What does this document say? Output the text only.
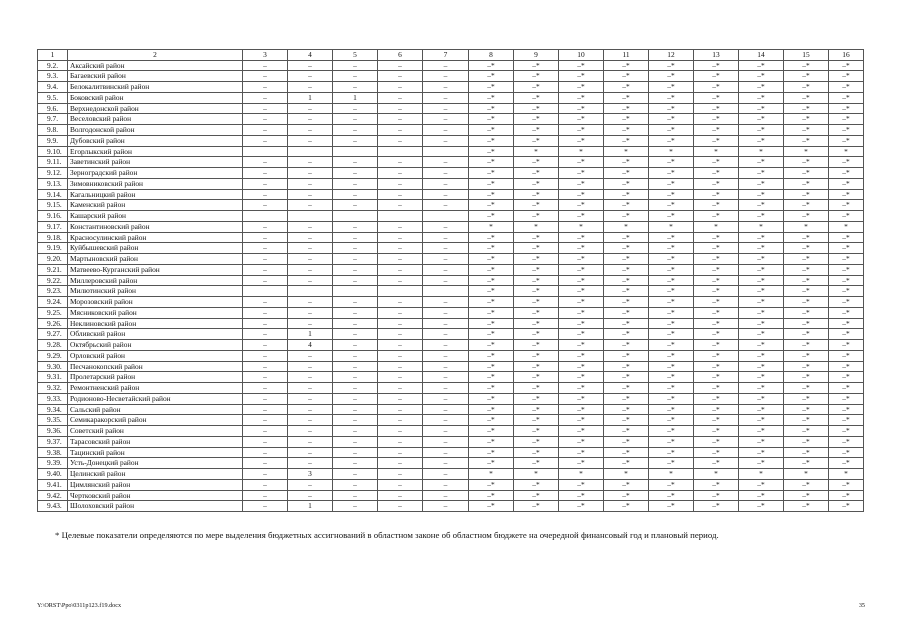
1	2	3	4	5	6	7	8	9	10	11	12	13	14	15	16
9.2.	Аксайский район	–	–	–	–	–	–*	–*	–*	–*	–*	–*	–*	–*	–*
9.3.	Багаевский район	–	–	–	–	–	–*	–*	–*	–*	–*	–*	–*	–*	–*
9.4.	Белокалитвинский район	–	–	–	–	–	–*	–*	–*	–*	–*	–*	–*	–*	–*
9.5.	Боковский район	–	1	1	–	–	–*	–*	–*	–*	–*	–*	–*	–*	–*
9.6.	Верхнедонской район	–	–	–	–	–	–*	–*	–*	–*	–*	–*	–*	–*	–*
9.7.	Веселовский район	–	–	–	–	–	–*	–*	–*	–*	–*	–*	–*	–*	–*
9.8.	Волгодонской район	–	–	–	–	–	–*	–*	–*	–*	–*	–*	–*	–*	–*
9.9.	Дубовский район	–	–	–	–	–	–*	–*	–*	–*	–*	–*	–*	–*	–*
9.10.	Егорлыкский район						–*	*	*	*	*	*	*	*	*
9.11.	Заветинский район	–	–	–	–	–	–*	–*	–*	–*	–*	–*	–*	–*	–*
9.12.	Зерноградский район	–	–	–	–	–	–*	–*	–*	–*	–*	–*	–*	–*	–*
9.13.	Зимовниковский район	–	–	–	–	–	–*	–*	–*	–*	–*	–*	–*	–*	–*
9.14.	Кагальницкий район	–	–	–	–	–	–*	–*	–*	–*	–*	–*	–*	–*	–*
9.15.	Каменский район	–	–	–	–	–	–*	–*	–*	–*	–*	–*	–*	–*	–*
9.16.	Кашарский район						–*	–*	–*	–*	–*	–*	–*	–*	–*
9.17.	Константиновский район	–	–	–	–	–	*	*	*	*	*	*	*	*	*
9.18.	Красносулинский район	–	–	–	–	–	–*	–*	–*	–*	–*	–*	–*	–*	–*
9.19.	Куйбышевский район	–	–	–	–	–	–*	–*	–*	–*	–*	–*	–*	–*	–*
9.20.	Мартыновский район	–	–	–	–	–	–*	–*	–*	–*	–*	–*	–*	–*	–*
9.21.	Матвеево-Курганский район	–	–	–	–	–	–*	–*	–*	–*	–*	–*	–*	–*	–*
9.22.	Миллеровский район	–	–	–	–	–	–*	–*	–*	–*	–*	–*	–*	–*	–*
9.23.	Милютинский район						–*	–*	–*	–*	–*	–*	–*	–*	–*
9.24.	Морозовский район	–	–	–	–	–	–*	–*	–*	–*	–*	–*	–*	–*	–*
9.25.	Мясниковский район	–	–	–	–	–	–*	–*	–*	–*	–*	–*	–*	–*	–*
9.26.	Неклиновский район	–	–	–	–	–	–*	–*	–*	–*	–*	–*	–*	–*	–*
9.27.	Обливский район	–	1	–	–	–	–*	–*	–*	–*	–*	–*	–*	–*	–*
9.28.	Октябрьский район	–	4	–	–	–	–*	–*	–*	–*	–*	–*	–*	–*	–*
9.29.	Орловский район	–	–	–	–	–	–*	–*	–*	–*	–*	–*	–*	–*	–*
9.30.	Песчанокопский район	–	–	–	–	–	–*	–*	–*	–*	–*	–*	–*	–*	–*
9.31.	Пролетарский район	–	–	–	–	–	–*	–*	–*	–*	–*	–*	–*	–*	–*
9.32.	Ремонтненский район	–	–	–	–	–	–*	–*	–*	–*	–*	–*	–*	–*	–*
9.33.	Родионово-Несветайский район	–	–	–	–	–	–*	–*	–*	–*	–*	–*	–*	–*	–*
9.34.	Сальский район	–	–	–	–	–	–*	–*	–*	–*	–*	–*	–*	–*	–*
9.35.	Семикаракорский район	–	–	–	–	–	–*	–*	–*	–*	–*	–*	–*	–*	–*
9.36.	Советский район	–	–	–	–	–	–*	–*	–*	–*	–*	–*	–*	–*	–*
9.37.	Тарасовский район	–	–	–	–	–	–*	–*	–*	–*	–*	–*	–*	–*	–*
9.38.	Тацинский район	–	–	–	–	–	–*	–*	–*	–*	–*	–*	–*	–*	–*
9.39.	Усть-Донецкий район	–	–	–	–	–	–*	–*	–*	–*	–*	–*	–*	–*	–*
9.40.	Целинский район	–	3	–	–	–	*	*	*	*	*	*	*	*	*
9.41.	Цимлянский район	–	–	–	–	–	–*	–*	–*	–*	–*	–*	–*	–*	–*
9.42.	Чертковский район	–	–	–	–	–	–*	–*	–*	–*	–*	–*	–*	–*	–*
9.43.	Шолоховский район	–	1	–	–	–	–*	–*	–*	–*	–*	–*	–*	–*	–*
* Целевые показатели определяются по мере выделения бюджетных ассигнований в областном законе об областном бюджете на очередной финансовый год и плановый период.
Y:\ORST\Ppo\0311p123.f19.docx	35
